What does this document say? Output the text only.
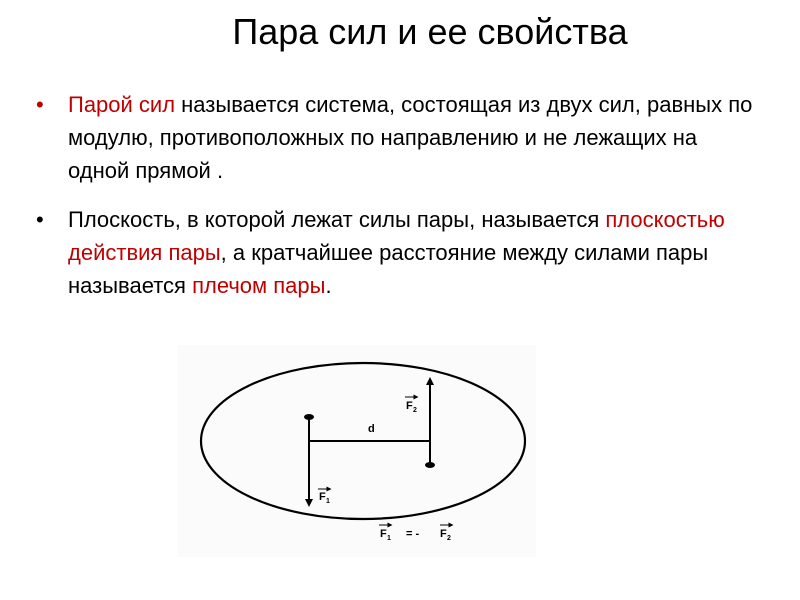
Пара сил и ее свойства
• Парой сил называется система, состоящая из двух сил, равных по модулю, противоположных по направлению и не лежащих на одной прямой .
• Плоскость, в которой лежат силы пары, называется плоскостью действия пары, а кратчайшее расстояние между силами пары называется плечом пары.
d
F 2
F 1
F 1 = - F 2
